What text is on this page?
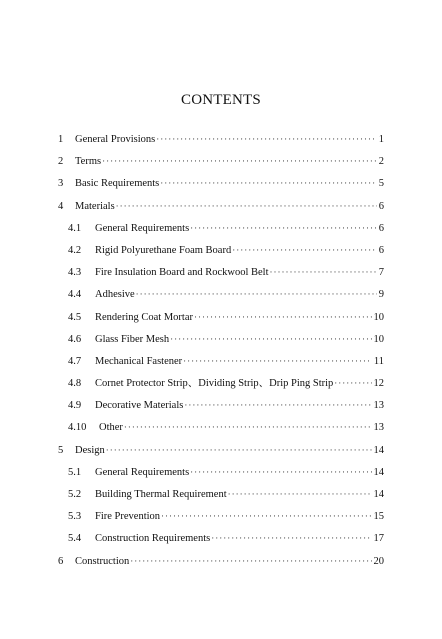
CONTENTS
1	General Provisions ·····	1
2	Terms ·····	2
3	Basic Requirements ·····	5
4	Materials ·····	6
4.1	General Requirements ·····	6
4.2	Rigid Polyurethane Foam Board ·····	6
4.3	Fire Insulation Board and Rockwool Belt ·····	7
4.4	Adhesive ·····	9
4.5	Rendering Coat Mortar ·····	10
4.6	Glass Fiber Mesh ·····	10
4.7	Mechanical Fastener ·····	11
4.8	Cornet Protector Strip、Dividing Strip、Drip Ping Strip ·····	12
4.9	Decorative Materials ·····	13
4.10	Other ·····	13
5	Design ·····	14
5.1	General Requirements ·····	14
5.2	Building Thermal Requirement ·····	14
5.3	Fire Prevention ·····	15
5.4	Construction Requirements ·····	17
6	Construction ·····	20
